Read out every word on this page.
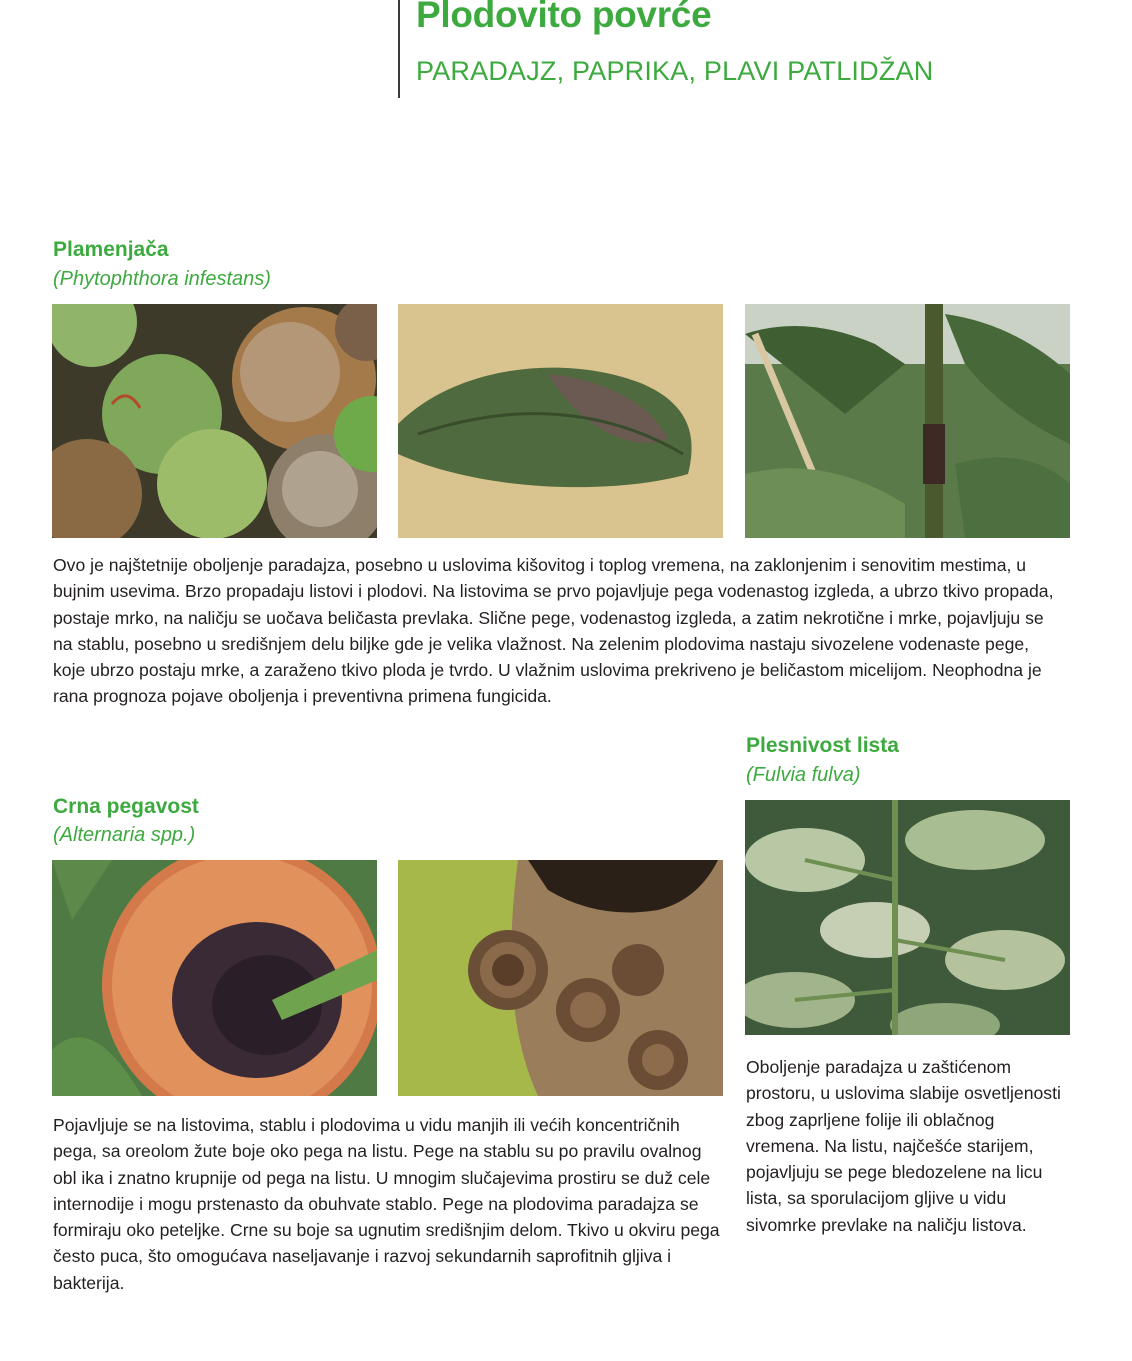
Plodovito povrće
PARADAJZ, PAPRIKA, PLAVI PATLIDŽAN
Plamenjača
(Phytophthora infestans)

Ovo je najštetnije oboljenje paradajza, posebno u uslovima kišovitog i toplog vremena, na zaklonjenim i senovitim mestima, u bujnim usevima. Brzo propadaju listovi i plodovi. Na listovima se prvo pojavljuje pega vodenastog izgleda, a ubrzo tkivo propada, postaje mrko, na naličju se uočava beličasta prevlaka. Slične pege, vodenastog izgleda, a zatim nekrotične i mrke, pojavljuju se na stablu, posebno u središnjem delu biljke gde je velika vlažnost. Na zelenim plodovima nastaju sivozelene vodenaste pege, koje ubrzo postaju mrke, a zaraženo tkivo ploda je tvrdo. U vlažnim uslovima prekriveno je beličastom micelijom. Neophodna je rana prognoza pojave oboljenja i preventivna primena fungicida.

Plesnivost lista
(Fulvia fulva)

Oboljenje paradajza u zaštićenom prostoru, u uslovima slabije osvetljenosti zbog zaprljene folije ili oblačnog vremena. Na listu, najčešće starijem, pojavljuju se pege bledozelene na licu lista, sa sporulacijom gljive u vidu sivomrke prevlake na naličju listova.

Crna pegavost
(Alternaria spp.)

Pojavljuje se na listovima, stablu i plodovima u vidu manjih ili većih koncentričnih pega, sa oreolom žute boje oko pega na listu. Pege na stablu su po pravilu ovalnog obl ika i znatno krupnije od pega na listu. U mnogim slučajevima prostiru se duž cele internodije i mogu prstenasto da obuhvate stablo. Pege na plodovima paradajza se formiraju oko peteljke. Crne su boje sa ugnutim središnjim delom. Tkivo u okviru pega često puca, što omogućava naseljavanje i razvoj sekundarnih saprofitnih gljiva i bakterija.
